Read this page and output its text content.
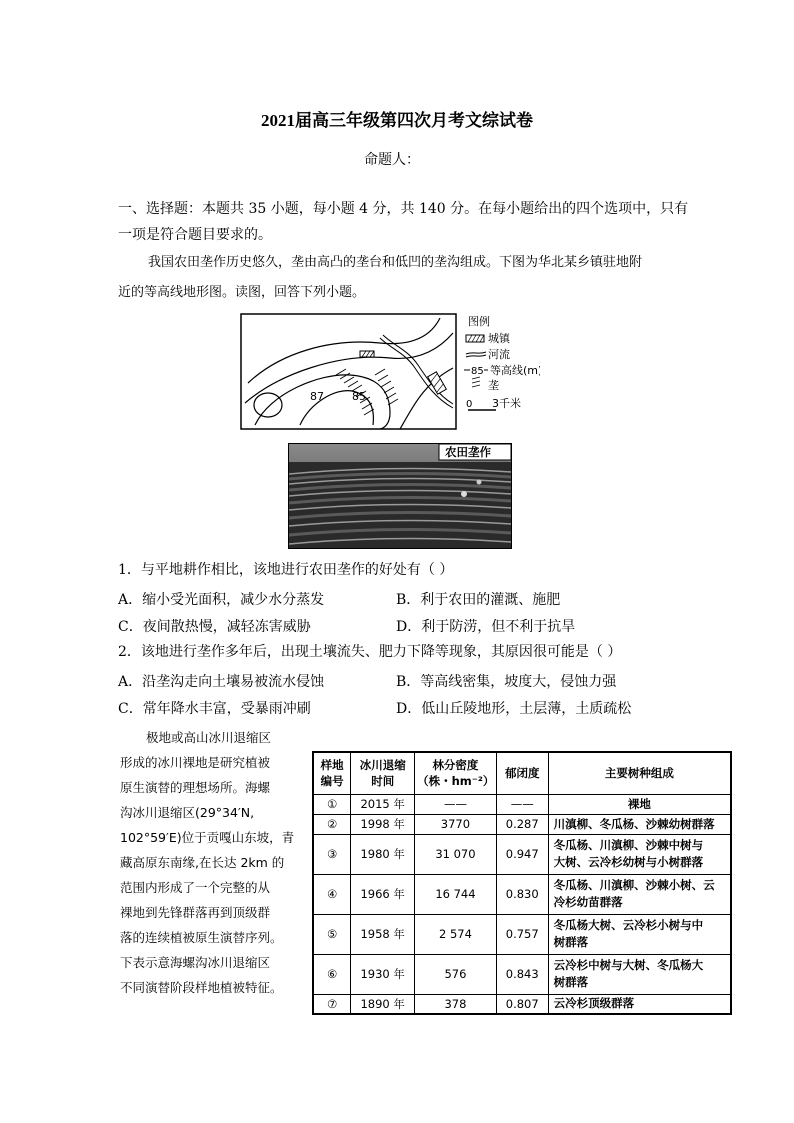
2021届高三年级第四次月考文综试卷
命题人：
一、选择题：本题共 35 小题，每小题 4 分，共 140 分。在每小题给出的四个选项中，只有
一项是符合题目要求的。
我国农田垄作历史悠久，垄由高凸的垄台和低凹的垄沟组成。下图为华北某乡镇驻地附
近的等高线地形图。读图，回答下列小题。
87	85
图例
城镇
河流
85 等高线(m)
垄
0 3千米
农田垄作
1．与平地耕作相比，该地进行农田垄作的好处有（ ）
A．缩小受光面积，减少水分蒸发	B．利于农田的灌溉、施肥
C．夜间散热慢，减轻冻害威胁	D．利于防涝，但不利于抗旱
2．该地进行垄作多年后，出现土壤流失、肥力下降等现象，其原因很可能是（ ）
A．沿垄沟走向土壤易被流水侵蚀	B．等高线密集，坡度大，侵蚀力强
C．常年降水丰富，受暴雨冲刷	D．低山丘陵地形，土层薄，土质疏松
极地或高山冰川退缩区
形成的冰川裸地是研究植被
原生演替的理想场所。海螺
沟冰川退缩区(29°34′N,
102°59′E)位于贡嘎山东坡，青
藏高原东南缘,在长达 2km 的
范围内形成了一个完整的从
裸地到先锋群落再到顶级群
落的连续植被原生演替序列。
下表示意海螺沟冰川退缩区
不同演替阶段样地植被特征。
样地
编号	冰川退缩
时间	林分密度
（株・hm⁻²）	郁闭度	主要树种组成
①	2015 年	——	——	裸地
②	1998 年	3770	0.287	川滇柳、冬瓜杨、沙棘幼树群落
③	1980 年	31 070	0.947	冬瓜杨、川滇柳、沙棘中树与
大树、云冷杉幼树与小树群落
④	1966 年	16 744	0.830	冬瓜杨、川滇柳、沙棘小树、云
冷杉幼苗群落
⑤	1958 年	2 574	0.757	冬瓜杨大树、云冷杉小树与中
树群落
⑥	1930 年	576	0.843	云冷杉中树与大树、冬瓜杨大
树群落
⑦	1890 年	378	0.807	云冷杉顶级群落
